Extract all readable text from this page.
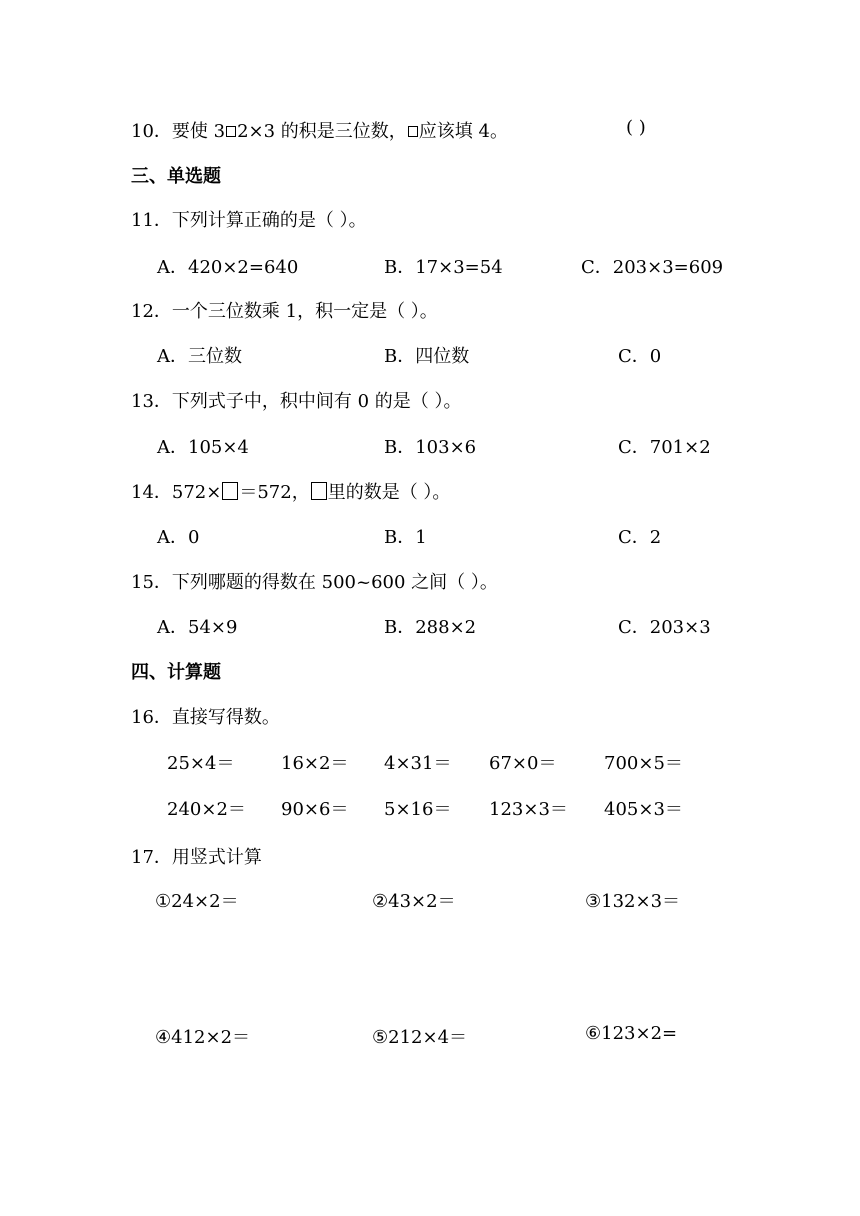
10．要使 3 2×3 的积是三位数， 应该填 4。	( )
三、单选题
11．下列计算正确的是（ ）。
A．420×2=640	B．17×3=54	C．203×3=609
12．一个三位数乘 1，积一定是（ ）。
A．三位数	B．四位数	C．0
13．下列式子中，积中间有 0 的是（ ）。
A．105×4	B．103×6	C．701×2
14．572× ＝572， 里的数是（ ）。
A．0	B．1	C．2
15．下列哪题的得数在 500~600 之间（ ）。
A．54×9	B．288×2	C．203×3
四、计算题
16．直接写得数。
25×4＝	16×2＝ 4×31＝ 67×0＝	700×5＝
240×2＝ 90×6＝ 5×16＝ 123×3＝ 405×3＝
17．用竖式计算
①24×2＝	②43×2＝	③132×3＝
④412×2＝	⑤212×4＝	⑥123×2=
